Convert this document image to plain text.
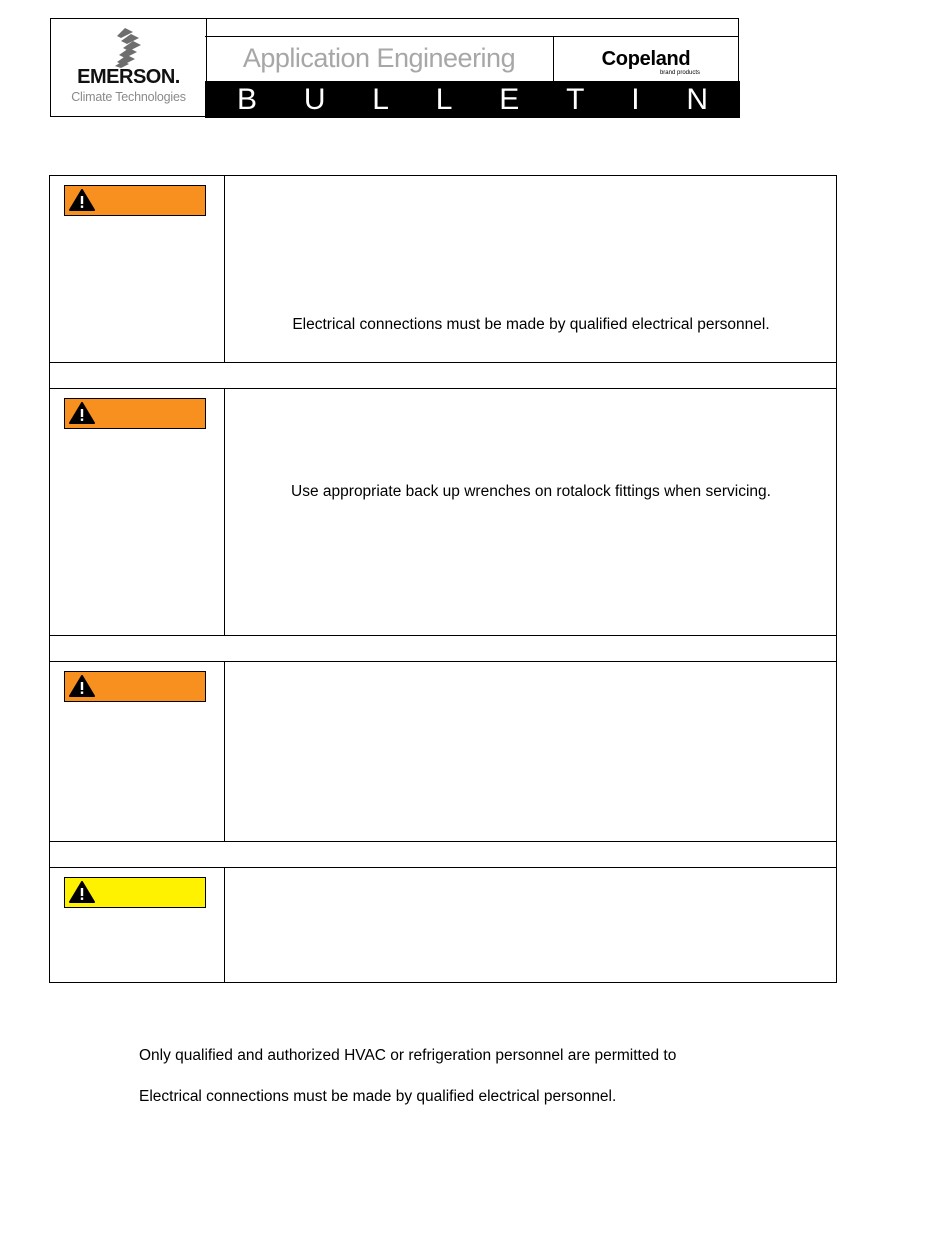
EMERSON.
Climate Technologies
Application Engineering	Copeland
brand products
B U L L E T I N
Electrical connections must be made by qualified electrical personnel.
Use appropriate back up wrenches on rotalock fittings when servicing.
Only qualified and authorized HVAC or refrigeration personnel are permitted to
Electrical connections must be made by qualified electrical personnel.
